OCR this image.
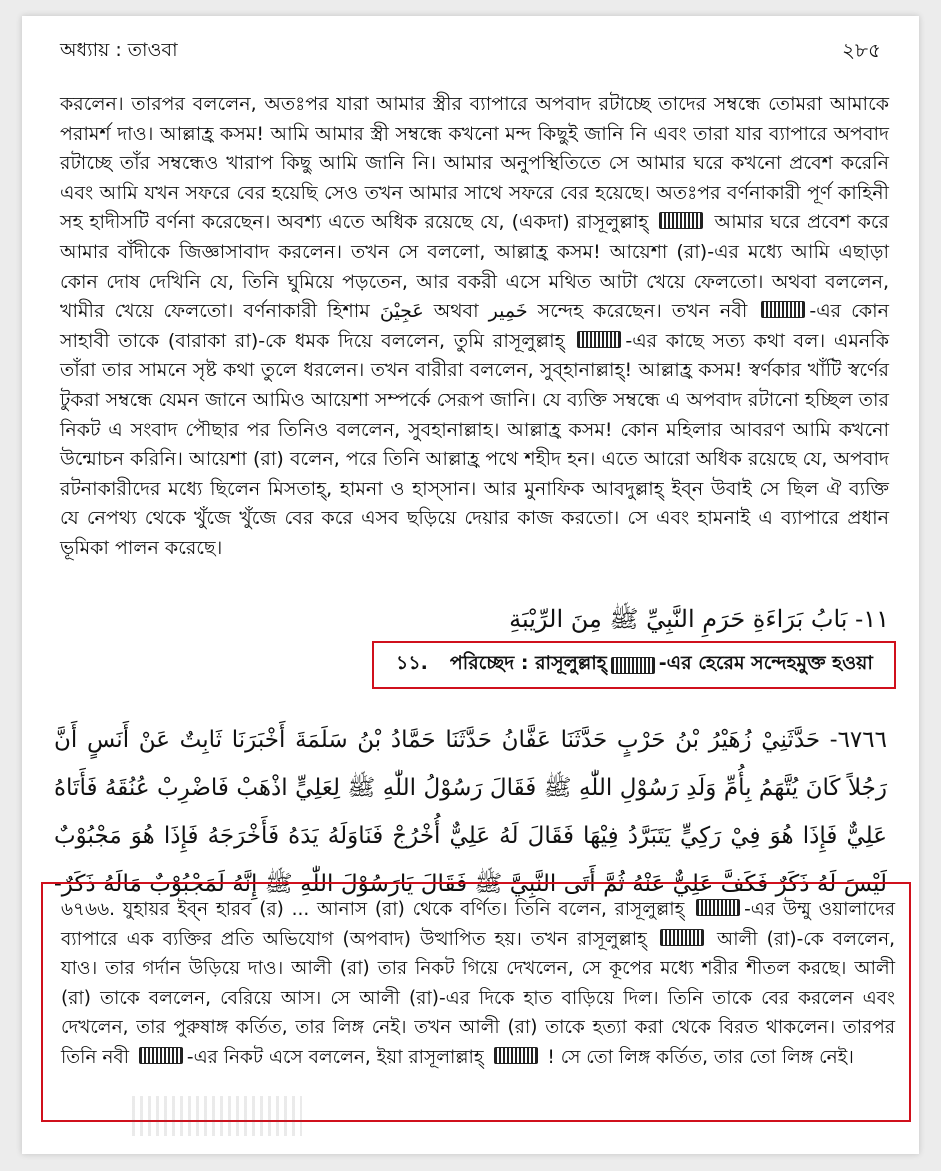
অধ্যায় : তাওবা	২৮৫

করলেন। তারপর বললেন, অতঃপর যারা আমার স্ত্রীর ব্যাপারে অপবাদ রটাচ্ছে তাদের সম্বন্ধে তোমরা আমাকে পরামর্শ দাও। আল্লাহ্র কসম! আমি আমার স্ত্রী সম্বন্ধে কখনো মন্দ কিছুই জানি নি এবং তারা যার ব্যাপারে অপবাদ রটাচ্ছে তাঁর সম্বন্ধেও খারাপ কিছু আমি জানি নি। আমার অনুপস্থিতিতে সে আমার ঘরে কখনো প্রবেশ করেনি এবং আমি যখন সফরে বের হয়েছি সেও তখন আমার সাথে সফরে বের হয়েছে। অতঃপর বর্ণনাকারী পূর্ণ কাহিনী সহ হাদীসটি বর্ণনা করেছেন। অবশ্য এতে অধিক রয়েছে যে, (একদা) রাসূলুল্লাহ্	আমার ঘরে প্রবেশ করে আমার বাঁদীকে জিজ্ঞাসাবাদ করলেন। তখন সে বললো, আল্লাহ্র কসম! আয়েশা (রা)-এর মধ্যে আমি এছাড়া কোন দোষ দেখিনি যে, তিনি ঘুমিয়ে পড়তেন, আর বকরী এসে মথিত আটা খেয়ে ফেলতো। অথবা বললেন, খামীর খেয়ে ফেলতো। বর্ণনাকারী হিশাম عَجِيْنَ অথবা خَمِير সন্দেহ করেছেন। তখন নবী	-এর কোন সাহাবী তাকে (বারাকা রা)-কে ধমক দিয়ে বললেন, তুমি রাসূলুল্লাহ্	-এর কাছে সত্য কথা বল। এমনকি তাঁরা তার সামনে সৃষ্ট কথা তুলে ধরলেন। তখন বারীরা বললেন, সুব্হানাল্লাহ্! আল্লাহ্র কসম! স্বর্ণকার খাঁটি স্বর্ণের টুকরা সম্বন্ধে যেমন জানে আমিও আয়েশা সম্পর্কে সেরূপ জানি। যে ব্যক্তি সম্বন্ধে এ অপবাদ রটানো হচ্ছিল তার নিকট এ সংবাদ পৌছার পর তিনিও বললেন, সুবহানাল্লাহ। আল্লাহ্র কসম! কোন মহিলার আবরণ আমি কখনো উন্মোচন করিনি। আয়েশা (রা) বলেন, পরে তিনি আল্লাহ্র পথে শহীদ হন। এতে আরো অধিক রয়েছে যে, অপবাদ রটনাকারীদের মধ্যে ছিলেন মিসতাহ্, হামনা ও হাস্সান। আর মুনাফিক আবদুল্লাহ্ ইব্ন উবাই সে ছিল ঐ ব্যক্তি যে নেপথ্য থেকে খুঁজে খুঁজে বের করে এসব ছড়িয়ে দেয়ার কাজ করতো। সে এবং হামনাই এ ব্যাপারে প্রধান ভূমিকা পালন করেছে।

١١- بَابُ بَرَاءَةِ حَرَمِ النَّبِيِّ ﷺ مِنَ الرِّيْبَةِ
১১. পরিচ্ছেদ : রাসূলুল্লাহ্	-এর হেরেম সন্দেহমুক্ত হওয়া

٦٧٦٦- حَدَّثَنِيْ زُهَيْرُ بْنُ حَرْبٍ حَدَّثَنَا عَفَّانُ حَدَّثَنَا حَمَّادُ بْنُ سَلَمَةَ أَخْبَرَنَا ثَابِتٌ عَنْ أَنَسٍ أَنَّ

رَجُلاً كَانَ يُتَّهَمُ بِأُمِّ وَلَدِ رَسُوْلِ اللّٰهِ ﷺ فَقَالَ رَسُوْلُ اللّٰهِ ﷺ لِعَلِيٍّ اذْهَبْ فَاضْرِبْ عُنُقَهُ فَأَتَاهُ

عَلِيٌّ فَإِذَا هُوَ فِيْ رَكِيٍّ يَتَبَرَّدُ فِيْهَا فَقَالَ لَهُ عَلِيٌّ أُخْرُجْ فَنَاوَلَهُ يَدَهُ فَأَخْرَجَهُ فَإِذَا هُوَ مَجْبُوْبٌ

لَيْسَ لَهُ ذَكَرٌ فَكَفَّ عَلِيٌّ عَنْهُ ثُمَّ أَتَى النَّبِيَّ ﷺ فَقَالَ يَارَسُوْلَ اللّٰهِ ﷺ إِنَّهُ لَمَجْبُوْبٌ مَالَهُ ذَكَرٌ-

৬৭৬৬. যুহায়র ইব্ন হারব (র) ... আনাস (রা) থেকে বর্ণিত। তিনি বলেন, রাসূলুল্লাহ্	-এর উম্মু ওয়ালাদের ব্যাপারে এক ব্যক্তির প্রতি অভিযোগ (অপবাদ) উত্থাপিত হয়। তখন রাসূলুল্লাহ্	আলী (রা)-কে বললেন, যাও। তার গর্দান উড়িয়ে দাও। আলী (রা) তার নিকট গিয়ে দেখলেন, সে কূপের মধ্যে শরীর শীতল করছে। আলী (রা) তাকে বললেন, বেরিয়ে আস। সে আলী (রা)-এর দিকে হাত বাড়িয়ে দিল। তিনি তাকে বের করলেন এবং দেখলেন, তার পুরুষাঙ্গ কর্তিত, তার লিঙ্গ নেই। তখন আলী (রা) তাকে হত্যা করা থেকে বিরত থাকলেন। তারপর তিনি নবী	-এর নিকট এসে বললেন, ইয়া রাসূলাল্লাহ্	! সে তো লিঙ্গ কর্তিত, তার তো লিঙ্গ নেই।
